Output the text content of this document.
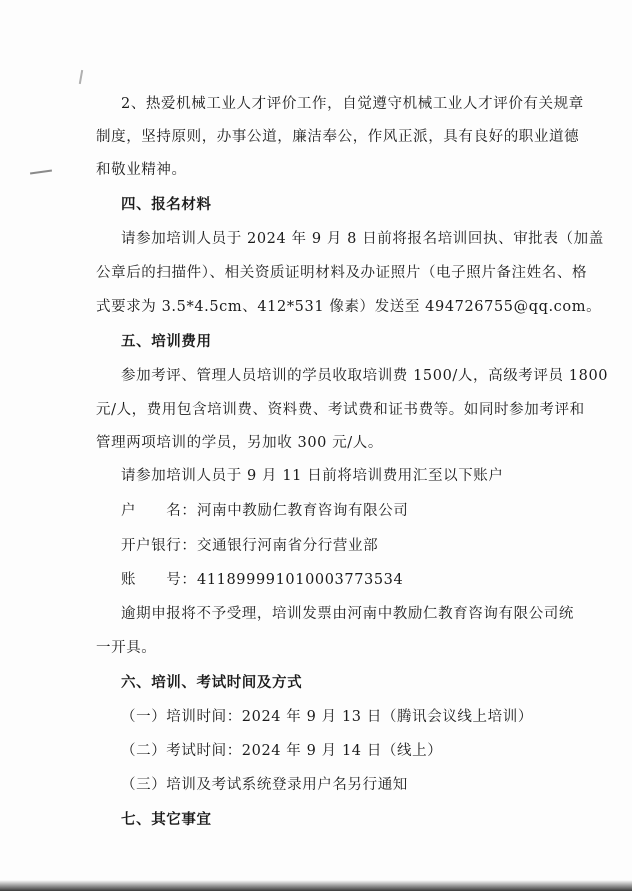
2、热爱机械工业人才评价工作，自觉遵守机械工业人才评价有关规章
制度，坚持原则，办事公道，廉洁奉公，作风正派，具有良好的职业道德
和敬业精神。
四、报名材料
请参加培训人员于 2024 年 9 月 8 日前将报名培训回执、审批表（加盖
公章后的扫描件）、相关资质证明材料及办证照片（电子照片备注姓名、格
式要求为 3.5*4.5cm、412*531 像素）发送至 494726755@qq.com。
五、培训费用
参加考评、管理人员培训的学员收取培训费 1500/人，高级考评员 1800
元/人，费用包含培训费、资料费、考试费和证书费等。如同时参加考评和
管理两项培训的学员，另加收 300 元/人。
请参加培训人员于 9 月 11 日前将培训费用汇至以下账户
户　　名：河南中教励仁教育咨询有限公司
开户银行：交通银行河南省分行营业部
账　　号：411899991010003773534
逾期申报将不予受理，培训发票由河南中教励仁教育咨询有限公司统
一开具。
六、培训、考试时间及方式
（一）培训时间：2024 年 9 月 13 日（腾讯会议线上培训）
（二）考试时间：2024 年 9 月 14 日（线上）
（三）培训及考试系统登录用户名另行通知
七、其它事宜
